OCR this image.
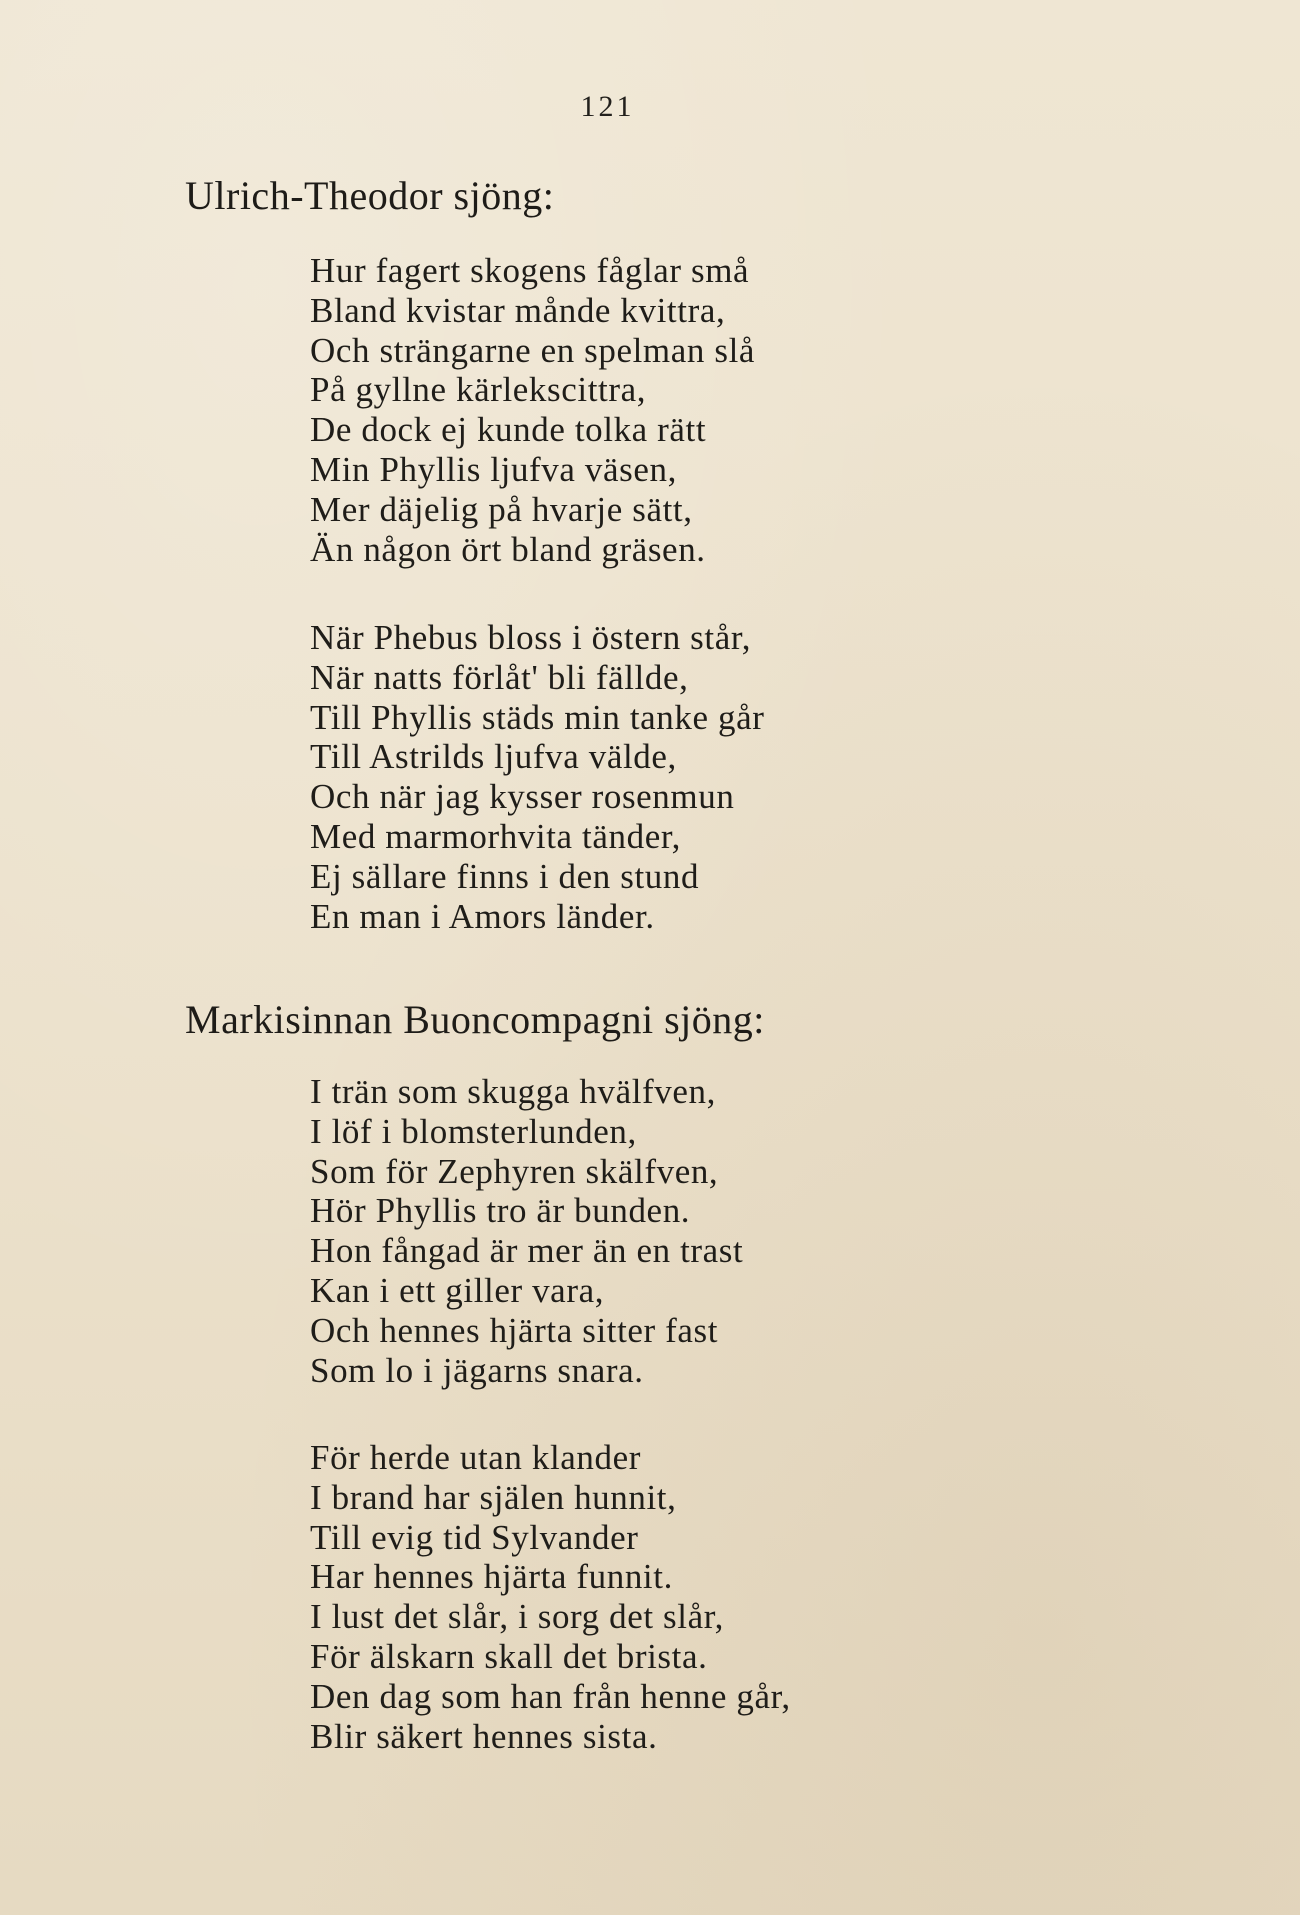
121
Ulrich-Theodor sjöng:
Hur fagert skogens fåglar små
Bland kvistar månde kvittra,
Och strängarne en spelman slå
På gyllne kärlekscittra,
De dock ej kunde tolka rätt
Min Phyllis ljufva väsen,
Mer däjelig på hvarje sätt,
Än någon ört bland gräsen.
När Phebus bloss i östern står,
När natts förlåt' bli fällde,
Till Phyllis städs min tanke går
Till Astrilds ljufva välde,
Och när jag kysser rosenmun
Med marmorhvita tänder,
Ej sällare finns i den stund
En man i Amors länder.
Markisinnan Buoncompagni sjöng:
I trän som skugga hvälfven,
I löf i blomsterlunden,
Som för Zephyren skälfven,
Hör Phyllis tro är bunden.
Hon fångad är mer än en trast
Kan i ett giller vara,
Och hennes hjärta sitter fast
Som lo i jägarns snara.
För herde utan klander
I brand har själen hunnit,
Till evig tid Sylvander
Har hennes hjärta funnit.
I lust det slår, i sorg det slår,
För älskarn skall det brista.
Den dag som han från henne går,
Blir säkert hennes sista.
